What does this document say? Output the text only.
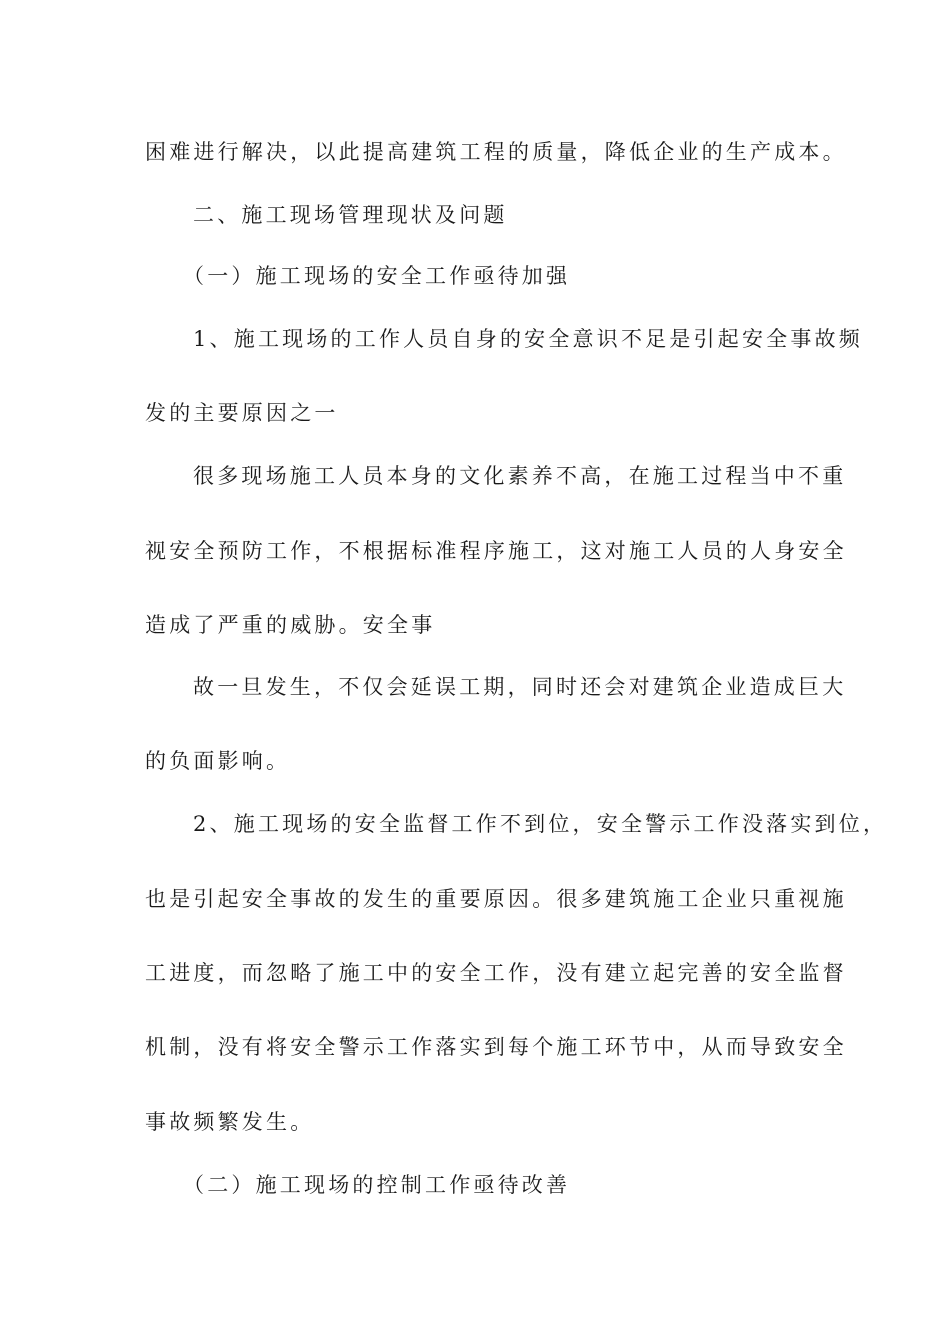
困难进行解决，以此提高建筑工程的质量，降低企业的生产成本。
二、施工现场管理现状及问题
（一）施工现场的安全工作亟待加强
1、施工现场的工作人员自身的安全意识不足是引起安全事故频
发的主要原因之一
很多现场施工人员本身的文化素养不高，在施工过程当中不重
视安全预防工作，不根据标准程序施工，这对施工人员的人身安全
造成了严重的威胁。安全事
故一旦发生，不仅会延误工期，同时还会对建筑企业造成巨大
的负面影响。
2、施工现场的安全监督工作不到位，安全警示工作没落实到位，
也是引起安全事故的发生的重要原因。很多建筑施工企业只重视施
工进度，而忽略了施工中的安全工作，没有建立起完善的安全监督
机制，没有将安全警示工作落实到每个施工环节中，从而导致安全
事故频繁发生。
（二）施工现场的控制工作亟待改善
